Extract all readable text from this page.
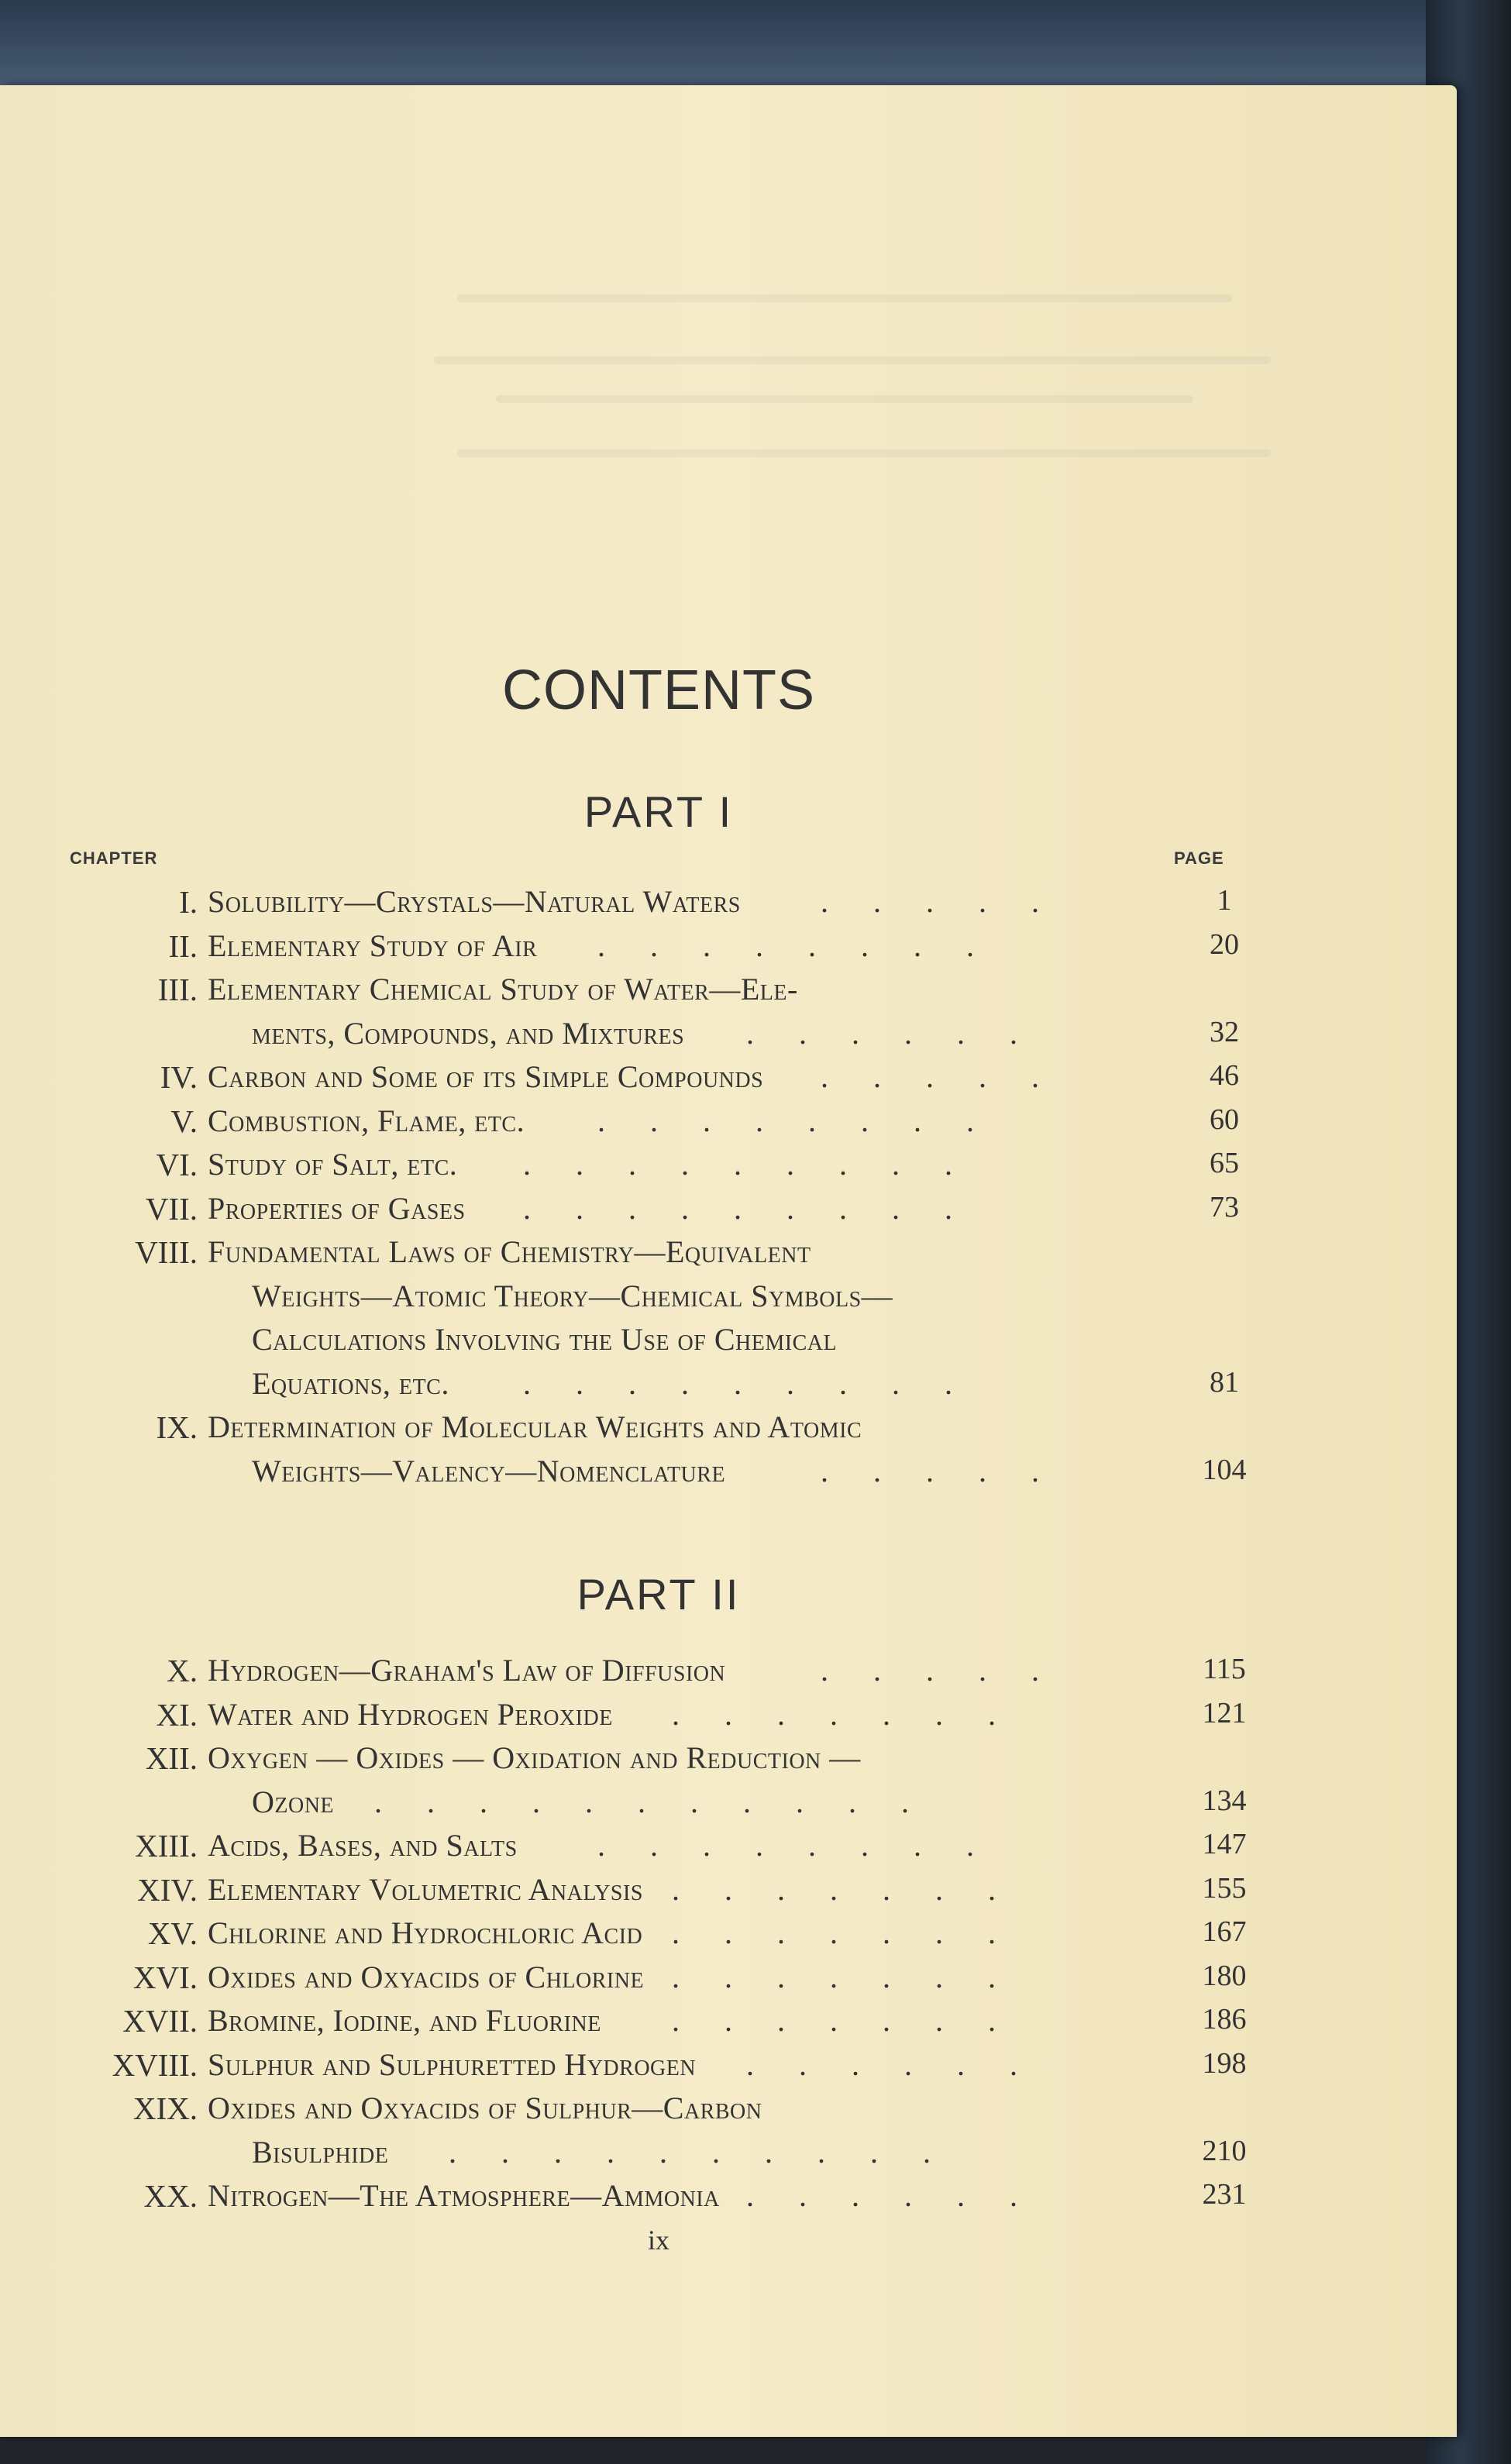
CONTENTS
PART I
CHAPTER	PAGE
PART II
I. Solubility—Crystals—Natural Waters	.....	1
II. Elementary Study of Air ........	20
III. Elementary Chemical Study of Water—Ele-
ments, Compounds, and Mixtures ......	32
IV. Carbon and Some of its Simple Compounds .....	46
V. Combustion, Flame, etc. ........	60
VI. Study of Salt, etc. .........	65
VII. Properties of Gases .........	73
VIII. Fundamental Laws of Chemistry—Equivalent
Weights—Atomic Theory—Chemical Symbols—
Calculations Involving the Use of Chemical
Equations, etc. .........	81
IX. Determination of Molecular Weights and Atomic
Weights—Valency—Nomenclature	.....	104
X. Hydrogen—Graham's Law of Diffusion	.....	115
XI. Water and Hydrogen Peroxide .......	121
XII. Oxygen — Oxides — Oxidation and Reduction —
Ozone ...........	134
XIII. Acids, Bases, and Salts	........	147
XIV. Elementary Volumetric Analysis .......	155
XV. Chlorine and Hydrochloric Acid .......	167
XVI. Oxides and Oxyacids of Chlorine .......	180
XVII. Bromine, Iodine, and Fluorine .......	186
XVIII. Sulphur and Sulphuretted Hydrogen ......	198
XIX. Oxides and Oxyacids of Sulphur—Carbon
Bisulphide ..........	210
XX. Nitrogen—The Atmosphere—Ammonia ......	231
ix
